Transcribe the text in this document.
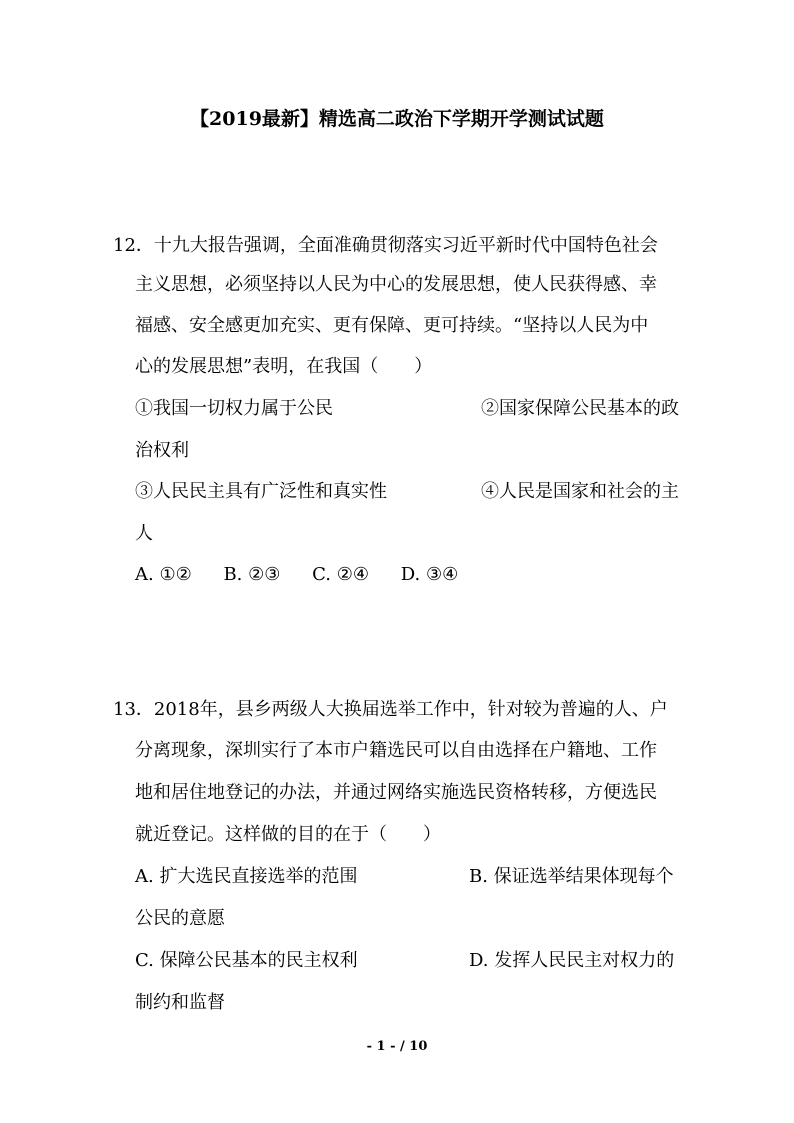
【2019最新】精选高二政治下学期开学测试试题
12．十九大报告强调，全面准确贯彻落实习近平新时代中国特色社会
主义思想，必须坚持以人民为中心的发展思想，使人民获得感、幸
福感、安全感更加充实、更有保障、更可持续。“坚持以人民为中
心的发展思想”表明，在我国（　　）
①我国一切权力属于公民	②国家保障公民基本的政
治权利
③人民民主具有广泛性和真实性	④人民是国家和社会的主
人
A. ①② B. ②③ C. ②④ D. ③④
13．2018年，县乡两级人大换届选举工作中，针对较为普遍的人、户
分离现象，深圳实行了本市户籍选民可以自由选择在户籍地、工作
地和居住地登记的办法，并通过网络实施选民资格转移，方便选民
就近登记。这样做的目的在于（　　）
A. 扩大选民直接选举的范围	B. 保证选举结果体现每个
公民的意愿
C. 保障公民基本的民主权利	D. 发挥人民民主对权力的
制约和监督
- 1 - / 10
